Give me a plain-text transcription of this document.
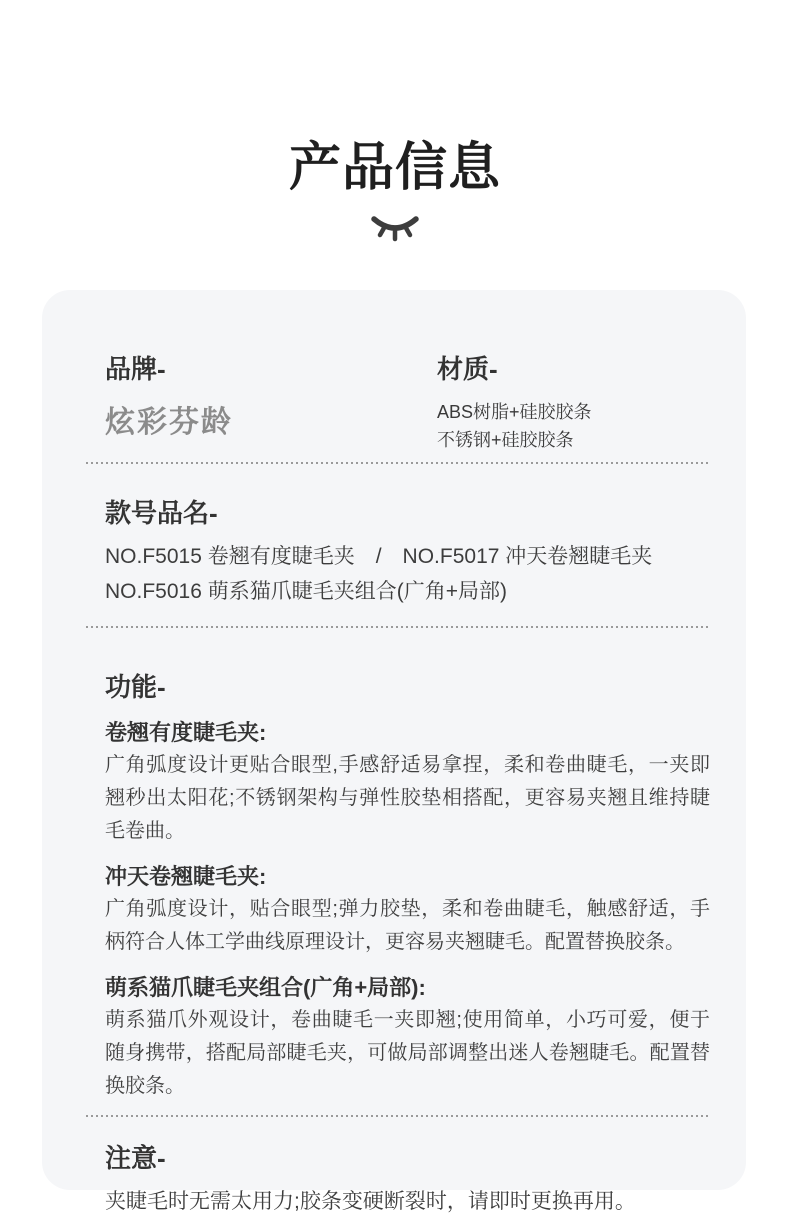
产品信息
品牌-
炫彩芬龄
材质-
ABS树脂+硅胶胶条
不锈钢+硅胶胶条
款号品名-
NO.F5015 卷翘有度睫毛夹　/　NO.F5017 冲天卷翘睫毛夹
NO.F5016 萌系猫爪睫毛夹组合(广角+局部)
功能-
卷翘有度睫毛夹:
广角弧度设计更贴合眼型,手感舒适易拿捏，柔和卷曲睫毛，一夹即翘秒出太阳花;不锈钢架构与弹性胶垫相搭配，更容易夹翘且维持睫毛卷曲。
冲天卷翘睫毛夹:
广角弧度设计，贴合眼型;弹力胶垫，柔和卷曲睫毛，触感舒适，手柄符合人体工学曲线原理设计，更容易夹翘睫毛。配置替换胶条。
萌系猫爪睫毛夹组合(广角+局部):
萌系猫爪外观设计，卷曲睫毛一夹即翘;使用简单，小巧可爱，便于随身携带，搭配局部睫毛夹，可做局部调整出迷人卷翘睫毛。配置替换胶条。
注意-
夹睫毛时无需太用力;胶条变硬断裂时，请即时更换再用。
